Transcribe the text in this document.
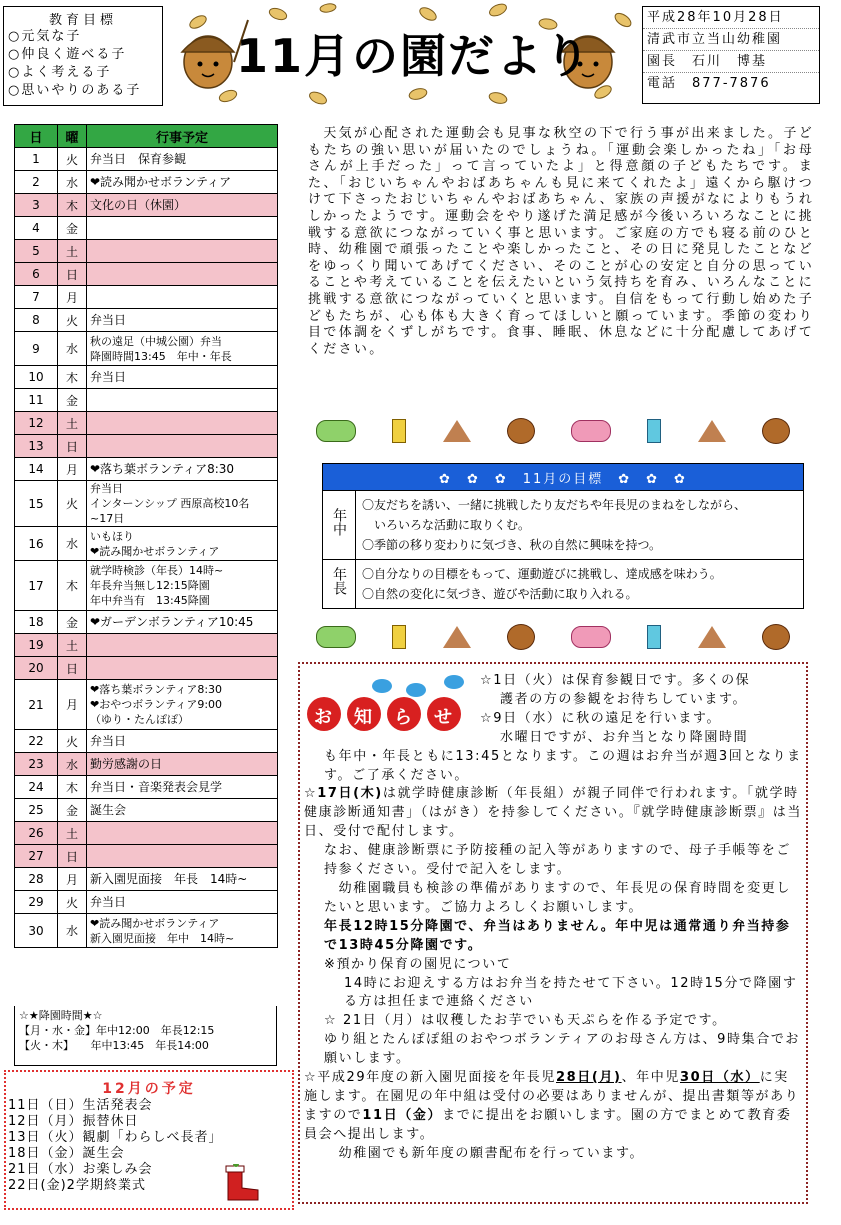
教育目標
○元気な子
○仲良く遊べる子
○よく考える子
○思いやりのある子
11月の園だより
平成28年10月28日
清武市立当山幼稚園
園長　石川　博基
電話　877-7876
日	曜	行事予定
1	火	弁当日　保育参観

2	水	❤読み聞かせボランティア

3	木	文化の日（休園）

4	金	

5	土	

6	日	

7	月	

8	火	弁当日

9	水	秋の遠足（中城公園）弁当
降園時間13:45　年中・年長

10	木	弁当日

11	金	

12	土	

13	日	

14	月	❤落ち葉ボランティア8:30

15	火	弁当日
インターンシップ 西原高校10名　~17日

16	水	いもほり
❤読み聞かせボランティア

17	木	就学時検診（年長）14時~
年長弁当無し12:15降園
年中弁当有　13:45降園

18	金	❤ガーデンボランティア10:45

19	土	

20	日	

21	月	❤落ち葉ボランティア8:30
❤おやつボランティア9:00
（ゆり・たんぽぽ）

22	火	弁当日

23	水	勤労感謝の日

24	木	弁当日・音楽発表会見学

25	金	誕生会

26	土	

27	日	

28	月	新入園児面接　年長　14時~

29	火	弁当日

30	水	❤読み聞かせボランティア
新入園児面接　年中　14時~
☆★降園時間★☆
【月・水・金】年中12:00　年長12:15
【火・木】　　年中13:45　年長14:00
12月の予定
11日（日）生活発表会
12日（月）振替休日
13日（火）観劇「わらしべ長者」
18日（金）誕生会
21日（水）お楽しみ会
22日(金)2学期終業式
　天気が心配された運動会も見事な秋空の下で行う事が出来ました。子どもたちの強い思いが届いたのでしょうね。「運動会楽しかったね」「お母さんが上手だった」って言っていたよ」と得意顔の子どもたちです。また、「おじいちゃんやおばあちゃんも見に来てくれたよ」遠くから駆けつけて下さったおじいちゃんやおばあちゃん、家族の声援がなによりもうれしかったようです。運動会をやり遂げた満足感が今後いろいろなことに挑戦する意欲につながっていく事と思います。ご家庭の方でも寝る前のひと時、幼稚園で頑張ったことや楽しかったこと、その日に発見したことなどをゆっくり聞いてあげてください、そのことが心の安定と自分の思っていることや考えていることを伝えたいという気持ちを育み、いろんなことに挑戦する意欲につながっていくと思います。自信をもって行動し始めた子どもたちが、心も体も大きく育ってほしいと願っています。季節の変わり目で体調をくずしがちです。食事、睡眠、休息などに十分配慮してあげてください。
✿　✿　✿　11月の目標　✿　✿　✿	
年中	〇友だちを誘い、一緒に挑戦したり友だちや年長児のまねをしながら、
　いろいろな活動に取りくむ。
〇季節の移り変わりに気づき、秋の自然に興味を持つ。

年長	〇自分なりの目標をもって、運動遊びに挑戦し、達成感を味わう。
〇自然の変化に気づき、遊びや活動に取り入れる。
お 知 ら せ
☆1日（火）は保育参観日です。多くの保
護者の方の参観をお待ちしています。
☆9日（水）に秋の遠足を行います。
水曜日ですが、お弁当となり降園時間
も年中・年長ともに13:45となります。この週はお弁当が週3回となります。ご了承ください。
☆17日(木)は就学時健康診断（年長組）が親子同伴で行われます。「就学時健康診断通知書」（はがき）を持参してください。『就学時健康診断票』は当日、受付で配付します。
なお、健康診断票に予防接種の記入等がありますので、母子手帳等をご持参ください。受付で記入をします。
　幼稚園職員も検診の準備がありますので、年長児の保育時間を変更したいと思います。ご協力よろしくお願いします。
年長12時15分降園で、弁当はありません。年中児は通常通り弁当持参で13時45分降園です。
※預かり保育の園児について
14時にお迎えする方はお弁当を持たせて下さい。12時15分で降園する方は担任まで連絡ください
☆ 21日（月）は収穫したお芋でいも天ぷらを作る予定です。
ゆり組とたんぽぽ組のおやつボランティアのお母さん方は、9時集合でお願いします。
☆平成29年度の新入園児面接を年長児28日(月)、年中児30日（水）に実施します。在園児の年中組は受付の必要はありませんが、提出書類等がありますので11日（金）までに提出をお願いします。園の方でまとめて教育委員会へ提出します。
　幼稚園でも新年度の願書配布を行っています。
